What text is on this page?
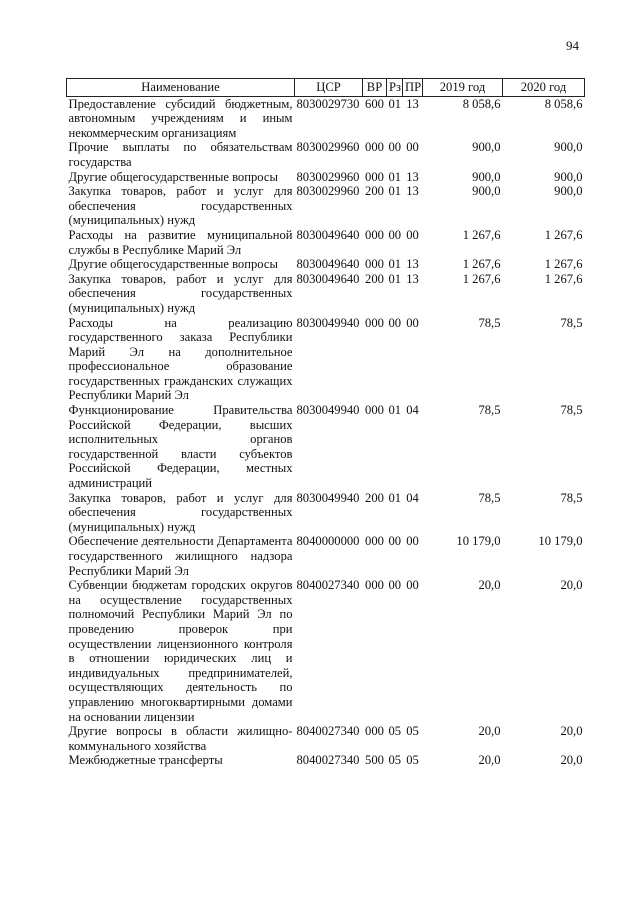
94
Наименование	ЦСР	ВР	Рз	ПР	2019 год	2020 год
Предоставление субсидий бюджетным, автономным учреждениям и иным некоммерческим организациям	8030029730	600	01	13	8 058,6	8 058,6
Прочие выплаты по обязательствам государства	8030029960	000	00	00	900,0	900,0
Другие общегосударственные вопросы	8030029960	000	01	13	900,0	900,0
Закупка товаров, работ и услуг для обеспечения государственных (муниципальных) нужд	8030029960	200	01	13	900,0	900,0
Расходы на развитие муниципальной службы в Республике Марий Эл	8030049640	000	00	00	1 267,6	1 267,6
Другие общегосударственные вопросы	8030049640	000	01	13	1 267,6	1 267,6
Закупка товаров, работ и услуг для обеспечения государственных (муниципальных) нужд	8030049640	200	01	13	1 267,6	1 267,6
Расходы на реализацию государственного заказа Республики Марий Эл на дополнительное профессиональное образование государственных гражданских служащих Республики Марий Эл	8030049940	000	00	00	78,5	78,5
Функционирование Правительства Российской Федерации, высших исполнительных органов государственной власти субъектов Российской Федерации, местных администраций	8030049940	000	01	04	78,5	78,5
Закупка товаров, работ и услуг для обеспечения государственных (муниципальных) нужд	8030049940	200	01	04	78,5	78,5
Обеспечение деятельности Департамента государственного жилищного надзора Республики Марий Эл	8040000000	000	00	00	10 179,0	10 179,0
Субвенции бюджетам городских округов на осуществление государственных полномочий Республики Марий Эл по проведению проверок при осуществлении лицензионного контроля в отношении юридических лиц и индивидуальных предпринимателей, осуществляющих деятельность по управлению многоквартирными домами на основании лицензии	8040027340	000	00	00	20,0	20,0
Другие вопросы в области жилищно-коммунального хозяйства	8040027340	000	05	05	20,0	20,0
Межбюджетные трансферты	8040027340	500	05	05	20,0	20,0
